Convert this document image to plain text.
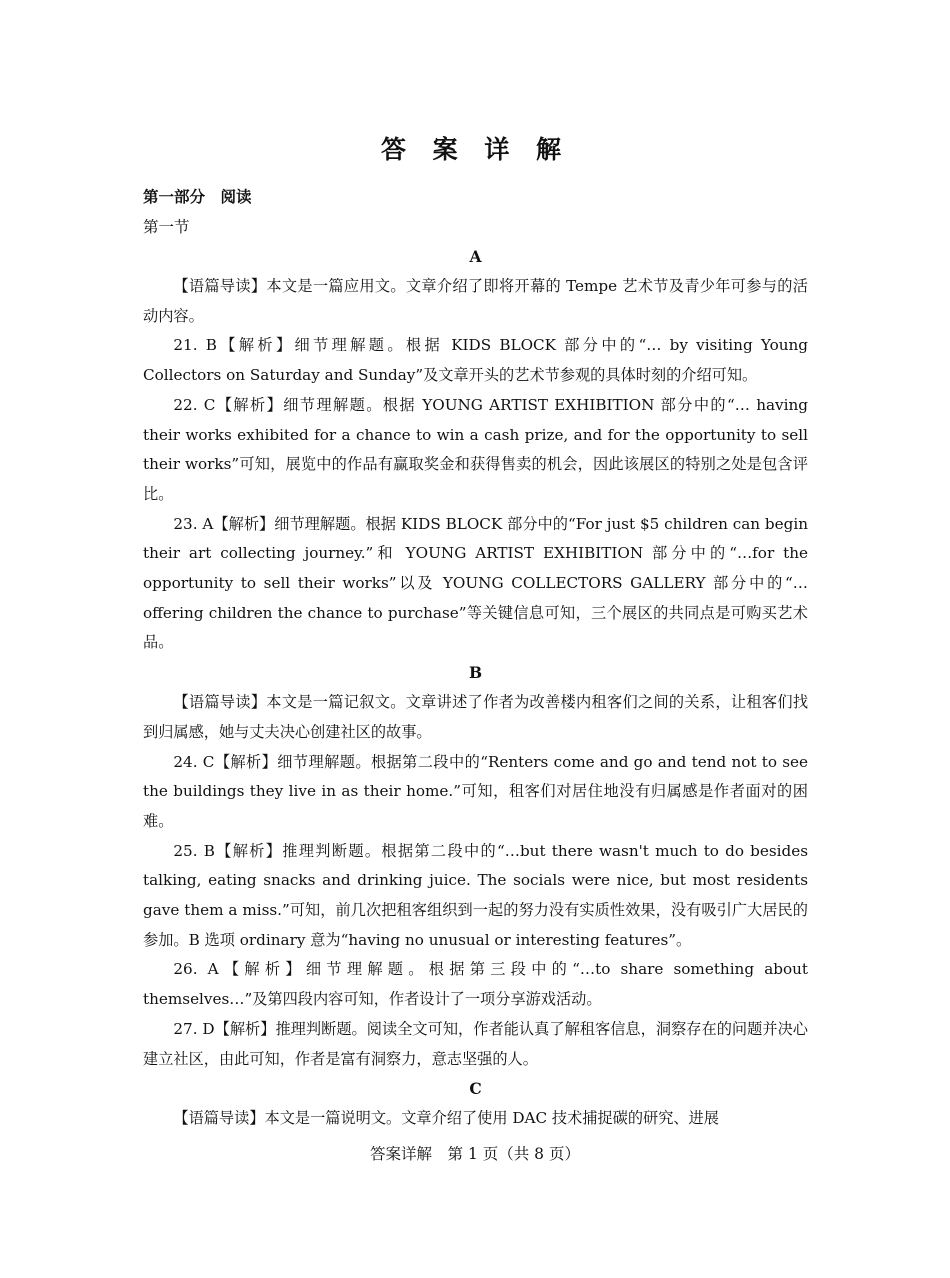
答 案 详 解
第一部分　阅读
第一节
A

【语篇导读】本文是一篇应用文。文章介绍了即将开幕的 Tempe 艺术节及青少年可参与的活动内容。

21. B【解析】细节理解题。根据 KIDS BLOCK 部分中的“… by visiting Young Collectors on Saturday and Sunday”及文章开头的艺术节参观的具体时刻的介绍可知。

22. C【解析】细节理解题。根据 YOUNG ARTIST EXHIBITION 部分中的“… having their works exhibited for a chance to win a cash prize, and for the opportunity to sell their works”可知，展览中的作品有赢取奖金和获得售卖的机会，因此该展区的特别之处是包含评比。

23. A【解析】细节理解题。根据 KIDS BLOCK 部分中的“For just $5 children can begin their art collecting journey.”和 YOUNG ARTIST EXHIBITION 部分中的“…for the opportunity to sell their works”以及 YOUNG COLLECTORS GALLERY 部分中的“… offering children the chance to purchase”等关键信息可知，三个展区的共同点是可购买艺术品。

B

【语篇导读】本文是一篇记叙文。文章讲述了作者为改善楼内租客们之间的关系，让租客们找到归属感，她与丈夫决心创建社区的故事。

24. C【解析】细节理解题。根据第二段中的“Renters come and go and tend not to see the buildings they live in as their home.”可知，租客们对居住地没有归属感是作者面对的困难。

25. B【解析】推理判断题。根据第二段中的“…but there wasn't much to do besides talking, eating snacks and drinking juice. The socials were nice, but most residents gave them a miss.”可知，前几次把租客组织到一起的努力没有实质性效果，没有吸引广大居民的参加。B 选项 ordinary 意为“having no unusual or interesting features”。

26. A【解析】细节理解题。根据第三段中的“…to share something about themselves…”及第四段内容可知，作者设计了一项分享游戏活动。

27. D【解析】推理判断题。阅读全文可知，作者能认真了解租客信息，洞察存在的问题并决心建立社区，由此可知，作者是富有洞察力，意志坚强的人。

C

【语篇导读】本文是一篇说明文。文章介绍了使用 DAC 技术捕捉碳的研究、进展

答案详解　第 1 页（共 8 页）
